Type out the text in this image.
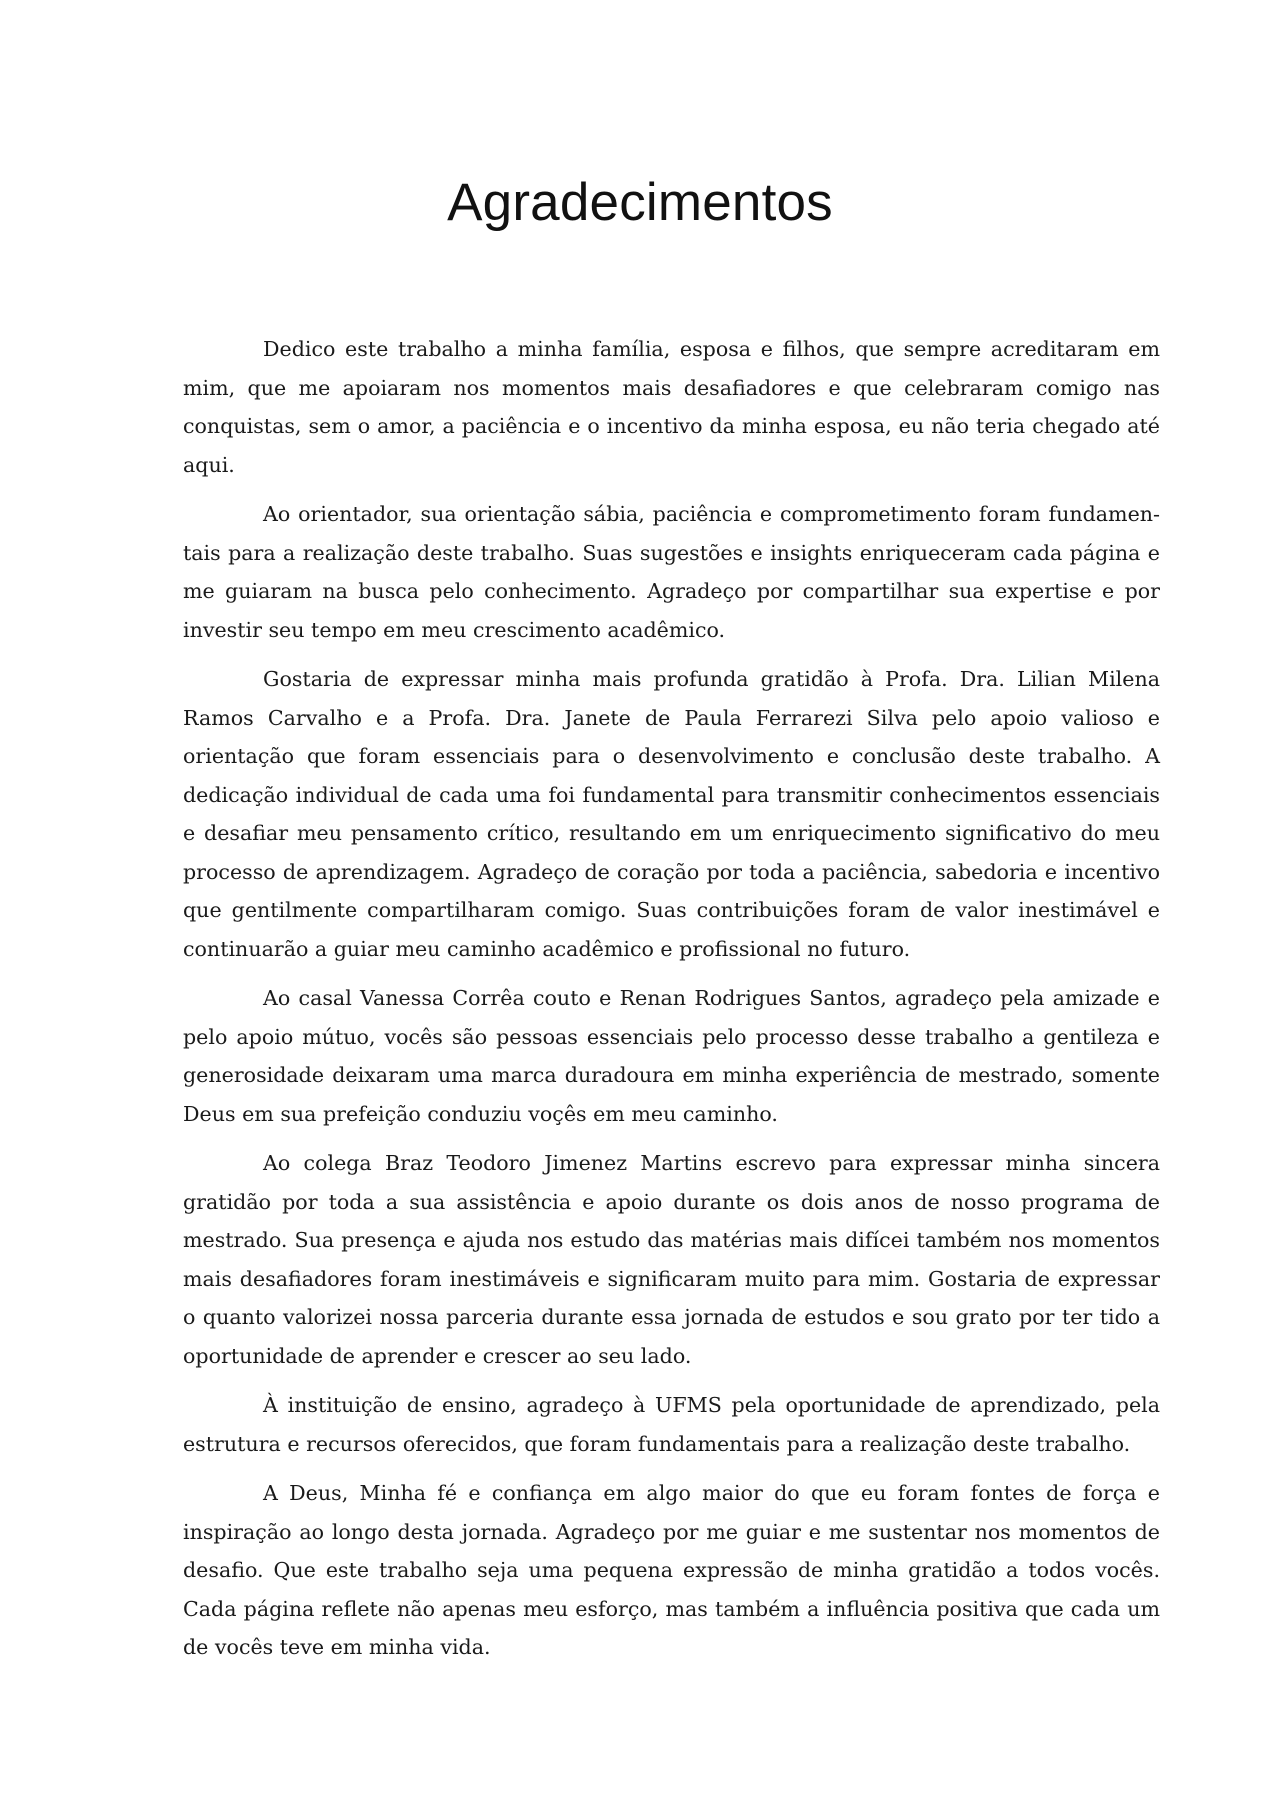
Agradecimentos

Dedico este trabalho a minha família, esposa e filhos, que sempre acreditaram em mim, que me apoiaram nos momentos mais desafiadores e que celebraram comigo nas conquistas, sem o amor, a paciência e o incentivo da minha esposa, eu não teria chegado até aqui.

Ao orientador, sua orientação sábia, paciência e comprometimento foram fundamentais para a realização deste trabalho. Suas sugestões e insights enriqueceram cada página e me guiaram na busca pelo conhecimento. Agradeço por compartilhar sua expertise e por investir seu tempo em meu crescimento acadêmico.

Gostaria de expressar minha mais profunda gratidão à Profa. Dra. Lilian Milena Ramos Carvalho e a Profa. Dra. Janete de Paula Ferrarezi Silva pelo apoio valioso e orientação que foram essenciais para o desenvolvimento e conclusão deste trabalho. A dedicação individual de cada uma foi fundamental para transmitir conhecimentos essenciais e desafiar meu pensamento crítico, resultando em um enriquecimento significativo do meu processo de aprendizagem. Agradeço de coração por toda a paciência, sabedoria e incentivo que gentilmente compartilharam comigo. Suas contribuições foram de valor inestimável e continuarão a guiar meu caminho acadêmico e profissional no futuro.

Ao casal Vanessa Corrêa couto e Renan Rodrigues Santos, agradeço pela amizade e pelo apoio mútuo, vocês são pessoas essenciais pelo processo desse trabalho a gentileza e generosidade deixaram uma marca duradoura em minha experiência de mestrado, somente Deus em sua prefeição conduziu voçês em meu caminho.

Ao colega Braz Teodoro Jimenez Martins escrevo para expressar minha sincera gratidão por toda a sua assistência e apoio durante os dois anos de nosso programa de mestrado. Sua presença e ajuda nos estudo das matérias mais difícei também nos momentos mais desafiadores foram inestimáveis e significaram muito para mim. Gostaria de expressar o quanto valorizei nossa parceria durante essa jornada de estudos e sou grato por ter tido a oportunidade de aprender e crescer ao seu lado.

À instituição de ensino, agradeço à UFMS pela oportunidade de aprendizado, pela estrutura e recursos oferecidos, que foram fundamentais para a realização deste trabalho.

A Deus, Minha fé e confiança em algo maior do que eu foram fontes de força e inspiração ao longo desta jornada. Agradeço por me guiar e me sustentar nos momentos de desafio. Que este trabalho seja uma pequena expressão de minha gratidão a todos vocês. Cada página reflete não apenas meu esforço, mas também a influência positiva que cada um de vocês teve em minha vida.
